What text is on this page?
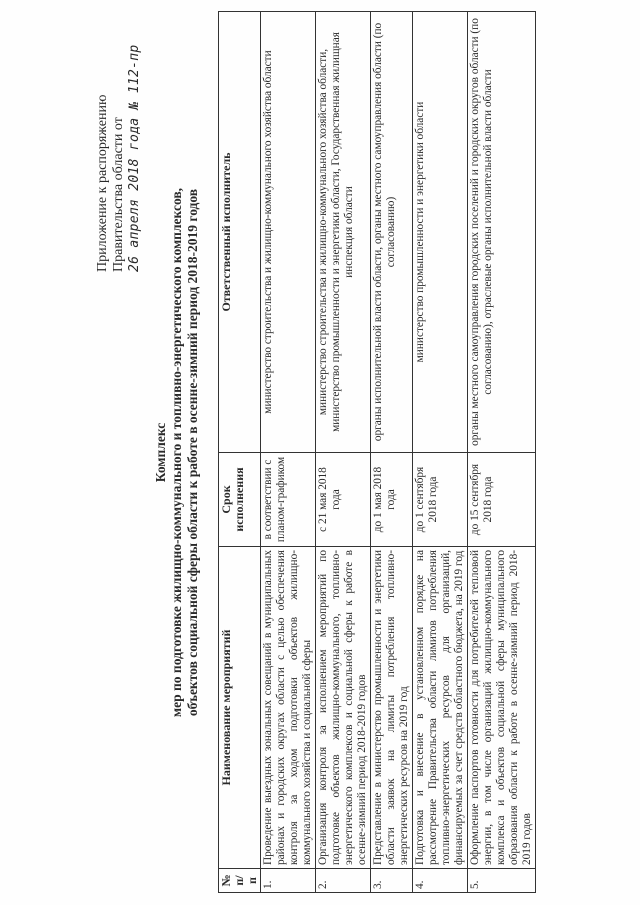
Приложение к распоряжению Правительства области от 26 апреля 2018 года № 112-пр
Комплекс мер по подготовке жилищно-коммунального и топливно-энергетического комплексов, объектов социальной сферы области к работе в осенне-зимний период 2018-2019 годов
№ п/п	Наименование мероприятий	Срок исполнения	Ответственный исполнитель
1.	Проведение выездных зональных совещаний в муниципальных районах и городских округах области с целью обеспечения контроля за ходом подготовки объектов жилищно-коммунального хозяйства и социальной сферы	в соответствии с планом-графиком	министерство строительства и жилищно-коммунального хозяйства области
2.	Организация контроля за исполнением мероприятий по подготовке объектов жилищно-коммунального, топливно-энергетического комплексов и социальной сферы к работе в осенне-зимний период 2018-2019 годов	с 21 мая 2018 года	министерство строительства и жилищно-коммунального хозяйства области, министерство промышленности и энергетики области, Государственная жилищная инспекция области
3.	Представление в министерство промышленности и энергетики области заявок на лимиты потребления топливно-энергетических ресурсов на 2019 год	до 1 мая 2018 года	органы исполнительной власти области, органы местного самоуправления области (по согласованию)
4.	Подготовка и внесение в установленном порядке на рассмотрение Правительства области лимитов потребления топливно-энергетических ресурсов для организаций, финансируемых за счет средств областного бюджета, на 2019 год	до 1 сентября 2018 года	министерство промышленности и энергетики области
5.	Оформление паспортов готовности для потребителей тепловой энергии, в том числе организаций жилищно-коммунального комплекса и объектов социальной сферы муниципального образования области к работе в осенне-зимний период 2018-2019 годов	до 15 сентября 2018 года	органы местного самоуправления городских поселений и городских округов области (по согласованию), отраслевые органы исполнительной власти области
